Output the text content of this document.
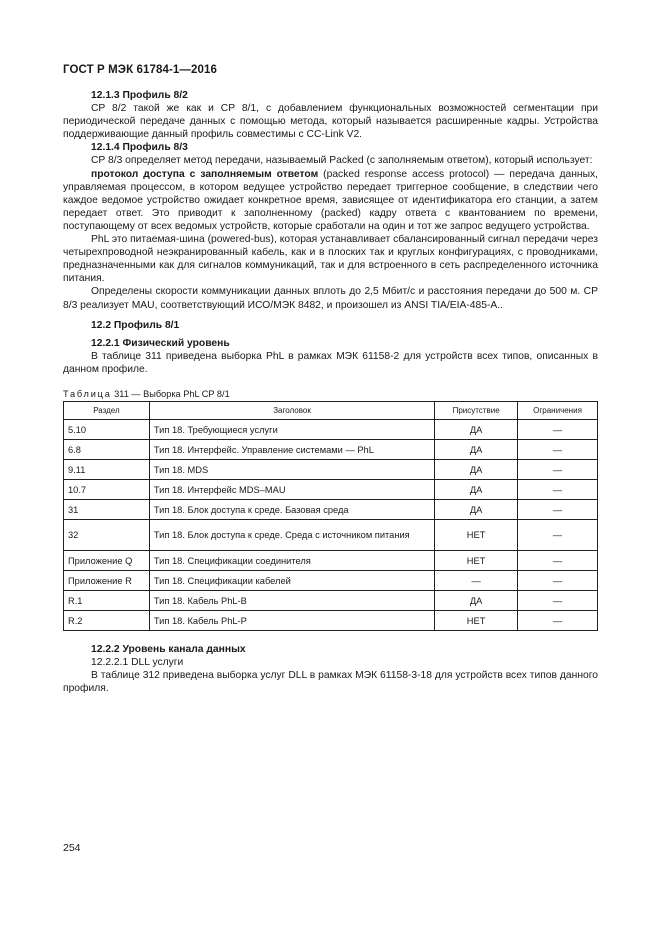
ГОСТ Р МЭК 61784-1—2016

12.1.3 Профиль 8/2

CP 8/2 такой же как и CP 8/1, с добавлением функциональных возможностей сегментации при периодической передаче данных с помощью метода, который называется расширенные кадры. Устройства поддерживающие данный профиль совместимы с CC-Link V2.

12.1.4 Профиль 8/3

CP 8/3 определяет метод передачи, называемый Packed (с заполняемым ответом), который использует:

протокол доступа с заполняемым ответом (packed response access protocol) — передача данных, управляемая процессом, в котором ведущее устройство передает триггерное сообщение, в следствии чего каждое ведомое устройство ожидает конкретное время, зависящее от идентификатора его станции, а затем передает ответ. Это приводит к заполненному (packed) кадру ответа с квантованием по времени, поступающему от всех ведомых устройств, которые сработали на один и тот же запрос ведущего устройства.

PhL это питаемая-шина (powered-bus), которая устанавливает сбалансированный сигнал передачи через четырехпроводной неэкранированный кабель, как и в плоских так и круглых конфигурациях, с проводниками, предназначенными как для сигналов коммуникаций, так и для встроенного в сеть распределенного источника питания.

Определены скорости коммуникации данных вплоть до 2,5 Мбит/с и расстояния передачи до 500 м. CP 8/3 реализует MAU, соответствующий ИСО/МЭК 8482, и произошел из ANSI TIA/EIA-485-A..

12.2 Профиль 8/1

12.2.1 Физический уровень

В таблице 311 приведена выборка PhL в рамках МЭК 61158-2 для устройств всех типов, описанных в данном профиле.

Таблица 311 — Выборка PhL CP 8/1

Раздел	Заголовок	Присутствие	Ограничения
5.10	Тип 18. Требующиеся услуги	ДА	—
6.8	Тип 18. Интерфейс. Управление системами — PhL	ДА	—
9.11	Тип 18. MDS	ДА	—
10.7	Тип 18. Интерфейс MDS–MAU	ДА	—
31	Тип 18. Блок доступа к среде. Базовая среда	ДА	—
32	Тип 18. Блок доступа к среде. Среда с источником питания	НЕТ	—
Приложение Q	Тип 18. Спецификации соединителя	НЕТ	—
Приложение R	Тип 18. Спецификации кабелей	—	—
R.1	Тип 18. Кабель PhL-B	ДА	—
R.2	Тип 18. Кабель PhL-P	НЕТ	—

12.2.2 Уровень канала данных

12.2.2.1 DLL услуги

В таблице 312 приведена выборка услуг DLL в рамках МЭК 61158-3-18 для устройств всех типов данного профиля.

254
